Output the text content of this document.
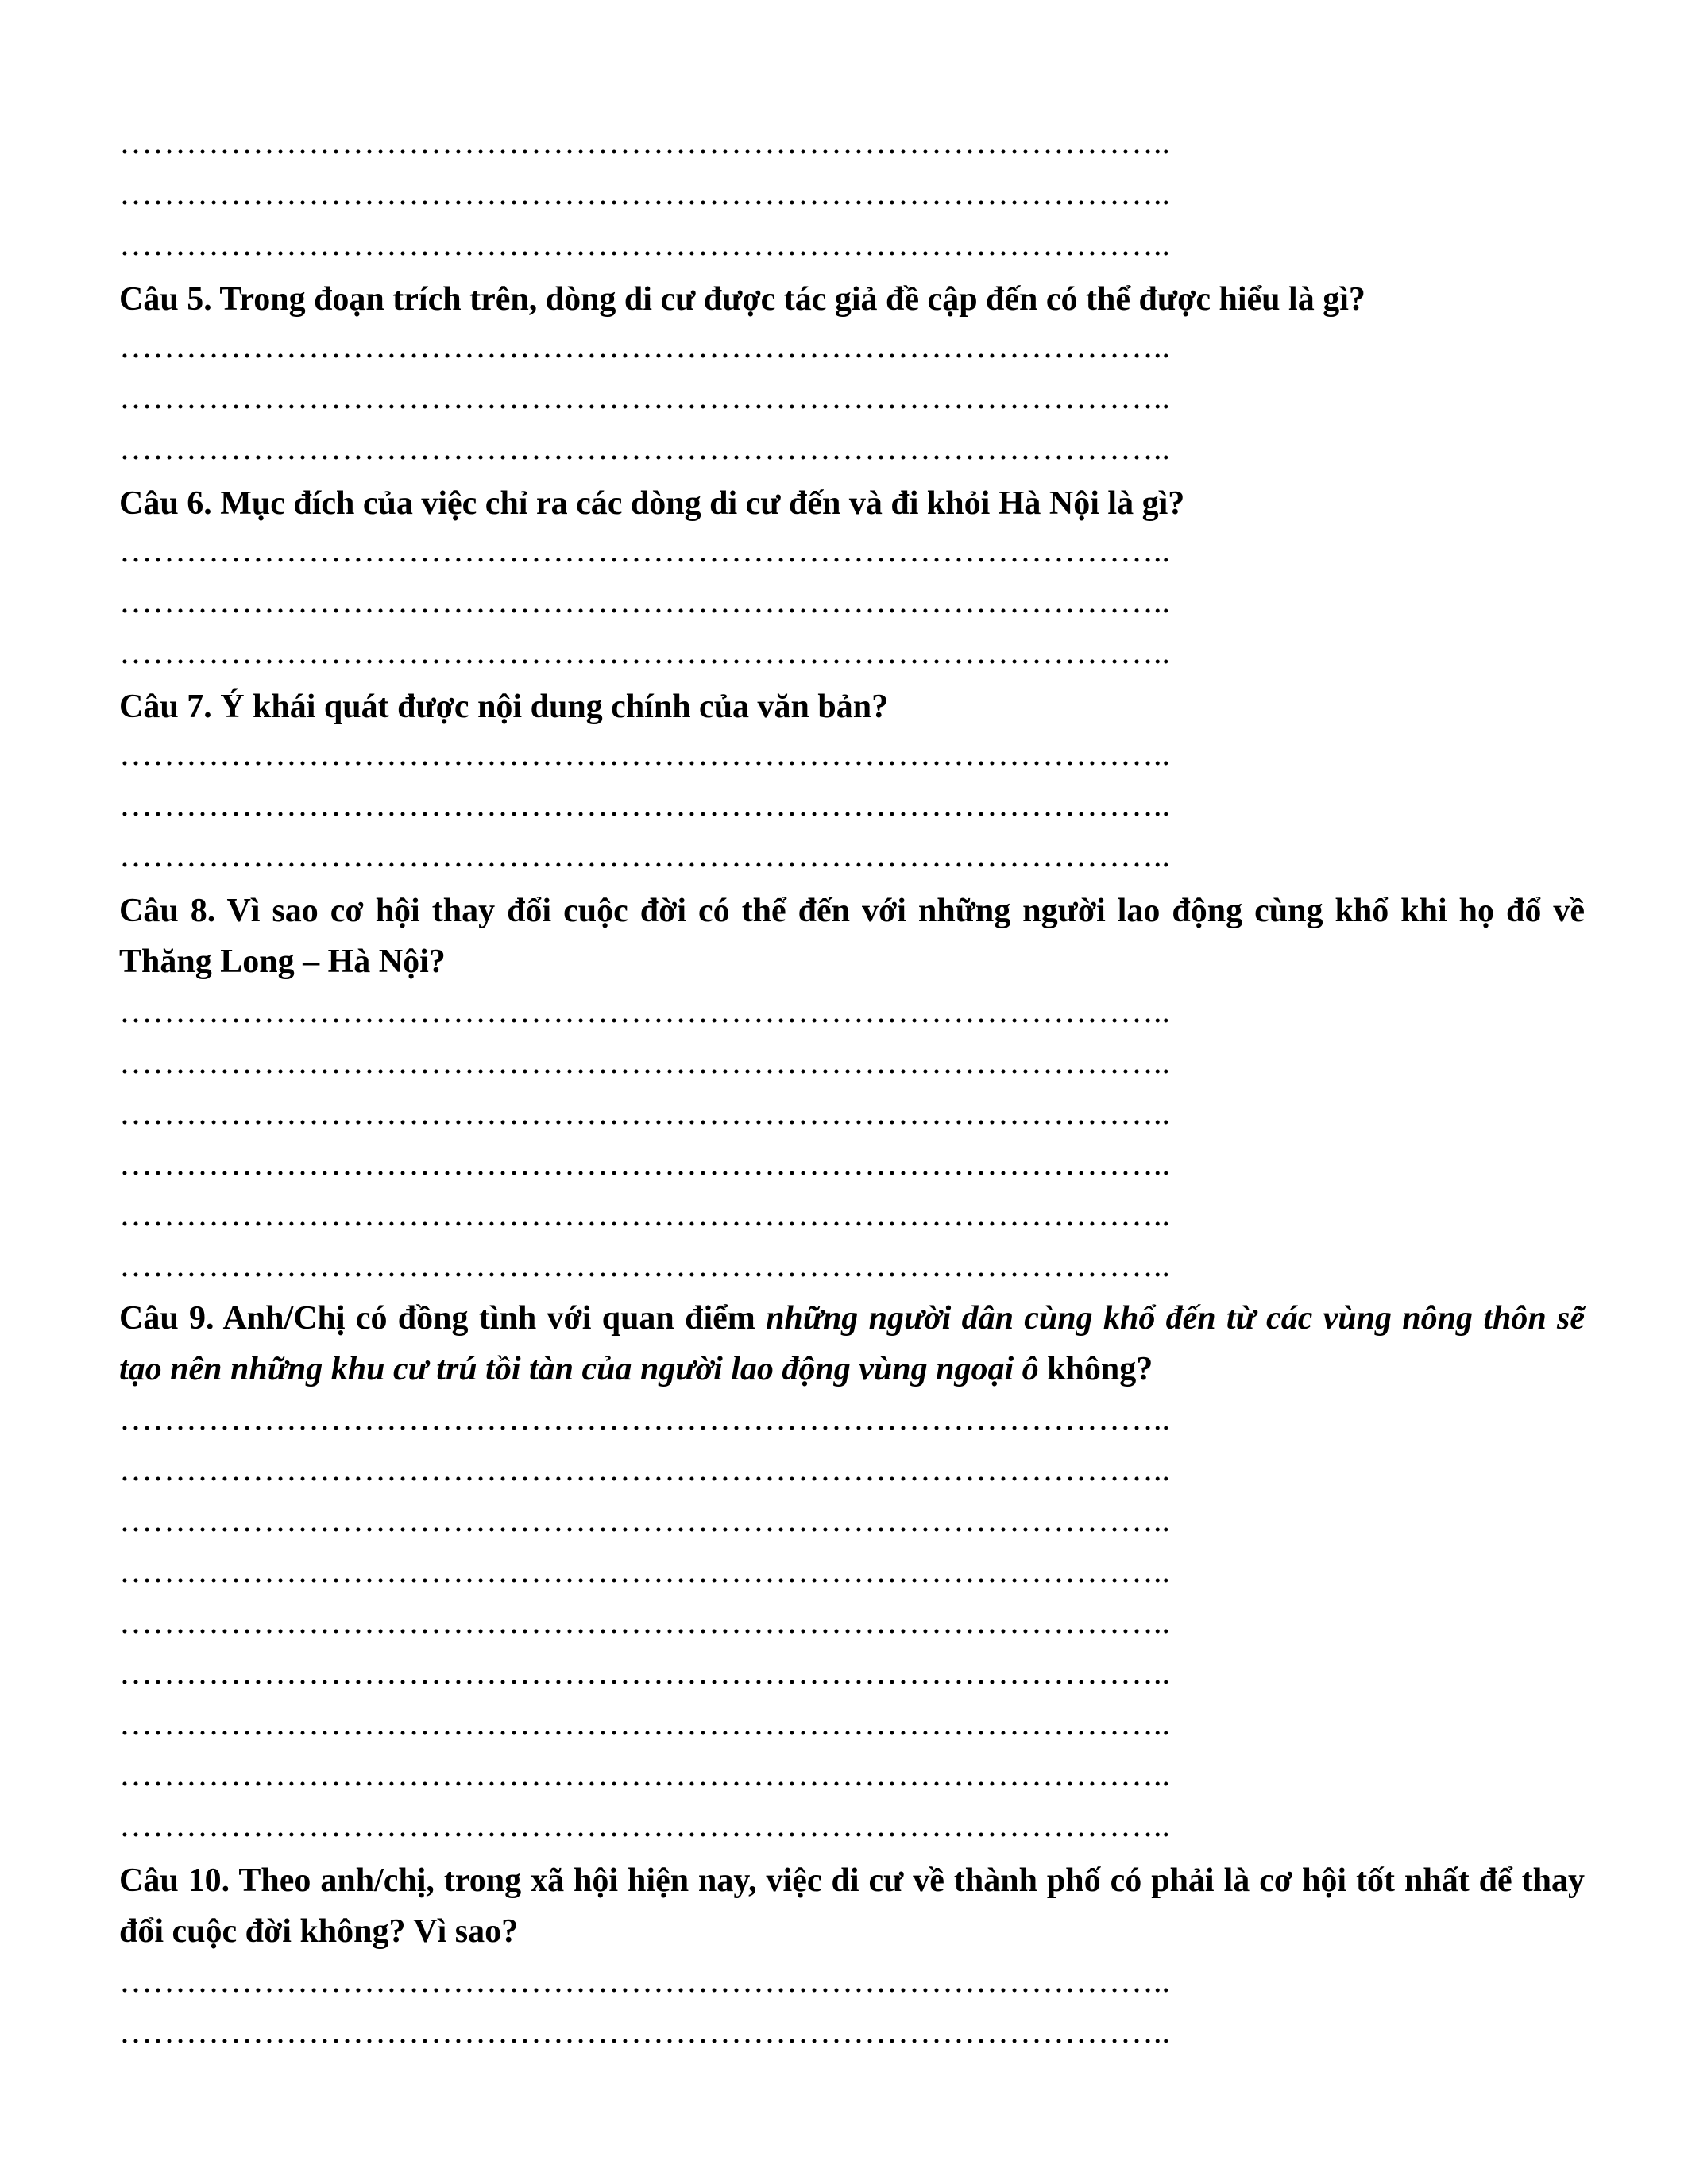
…………………………………………………………………………………..
…………………………………………………………………………………..
…………………………………………………………………………………..
Câu 5. Trong đoạn trích trên, dòng di cư được tác giả đề cập đến có thể được hiểu là gì?
…………………………………………………………………………………..
…………………………………………………………………………………..
…………………………………………………………………………………..
Câu 6. Mục đích của việc chỉ ra các dòng di cư đến và đi khỏi Hà Nội là gì?
…………………………………………………………………………………..
…………………………………………………………………………………..
…………………………………………………………………………………..
Câu 7. Ý khái quát được nội dung chính của văn bản?
…………………………………………………………………………………..
…………………………………………………………………………………..
…………………………………………………………………………………..
Câu 8. Vì sao cơ hội thay đổi cuộc đời có thể đến với những người lao động cùng khổ khi họ đổ về Thăng Long – Hà Nội?
…………………………………………………………………………………..
…………………………………………………………………………………..
…………………………………………………………………………………..
…………………………………………………………………………………..
…………………………………………………………………………………..
…………………………………………………………………………………..
Câu 9. Anh/Chị có đồng tình với quan điểm những người dân cùng khổ đến từ các vùng nông thôn sẽ tạo nên những khu cư trú tồi tàn của người lao động vùng ngoại ô không?
…………………………………………………………………………………..
…………………………………………………………………………………..
…………………………………………………………………………………..
…………………………………………………………………………………..
…………………………………………………………………………………..
…………………………………………………………………………………..
…………………………………………………………………………………..
…………………………………………………………………………………..
…………………………………………………………………………………..
Câu 10. Theo anh/chị, trong xã hội hiện nay, việc di cư về thành phố có phải là cơ hội tốt nhất để thay đổi cuộc đời không? Vì sao?
…………………………………………………………………………………..
…………………………………………………………………………………..
